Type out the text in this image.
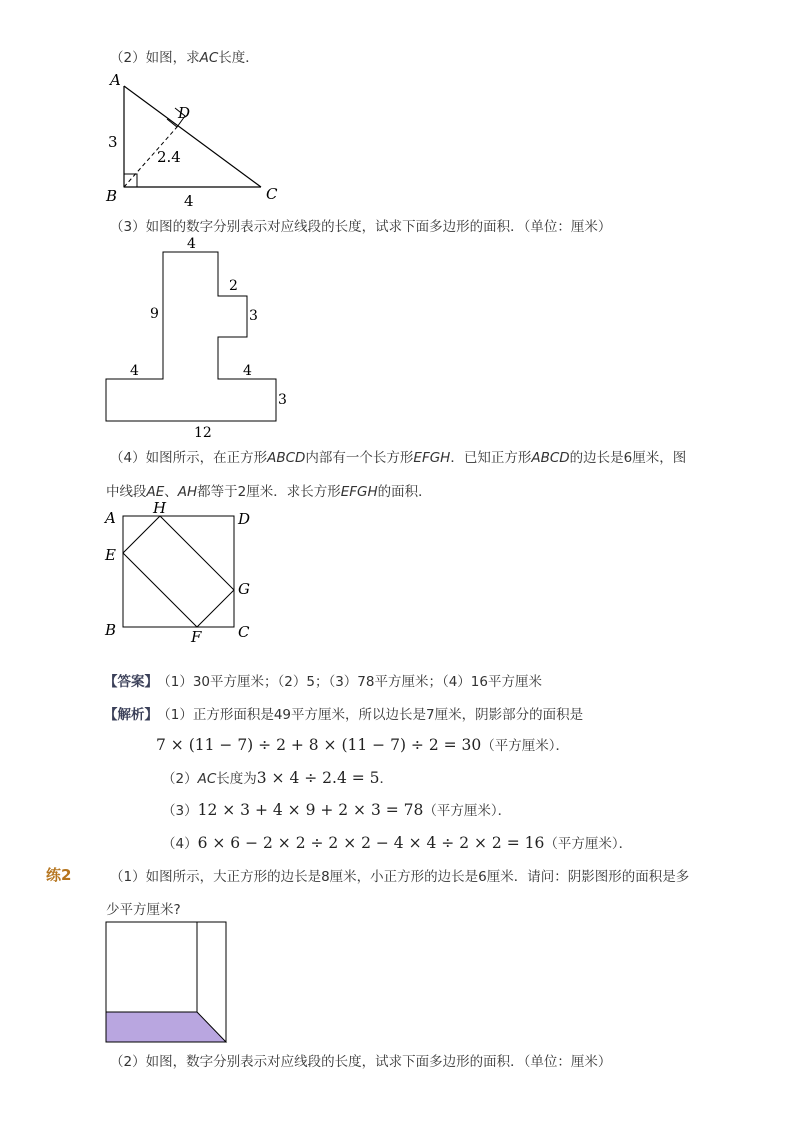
（2）如图，求AC长度．
A
D
B	C
3
4
2.4
（3）如图的数字分别表示对应线段的长度，试求下面多边形的面积．（单位：厘米）
4
9
2
3
4	4
3
12
（4）如图所示，在正方形ABCD内部有一个长方形EFGH．已知正方形ABCD的边长是6厘米，图
中线段AE、AH都等于2厘米．求长方形EFGH的面积．
A
H
D
E
G
B	F C
【答案】 （1）30平方厘米；（2）5；（3）78平方厘米；（4）16平方厘米
【解析】 （1）正方形面积是49平方厘米，所以边长是7厘米，阴影部分的面积是
7 × (11 − 7) ÷ 2 + 8 × (11 − 7) ÷ 2 = 30（平方厘米）．
（2）AC长度为3 × 4 ÷ 2.4 = 5．
（3）12 × 3 + 4 × 9 + 2 × 3 = 78（平方厘米）．
（4）6 × 6 − 2 × 2 ÷ 2 × 2 − 4 × 4 ÷ 2 × 2 = 16（平方厘米）．
练2	（1）如图所示，大正方形的边长是8厘米，小正方形的边长是6厘米．请问：阴影图形的面积是多
少平方厘米?
（2）如图，数字分别表示对应线段的长度，试求下面多边形的面积．（单位：厘米）
